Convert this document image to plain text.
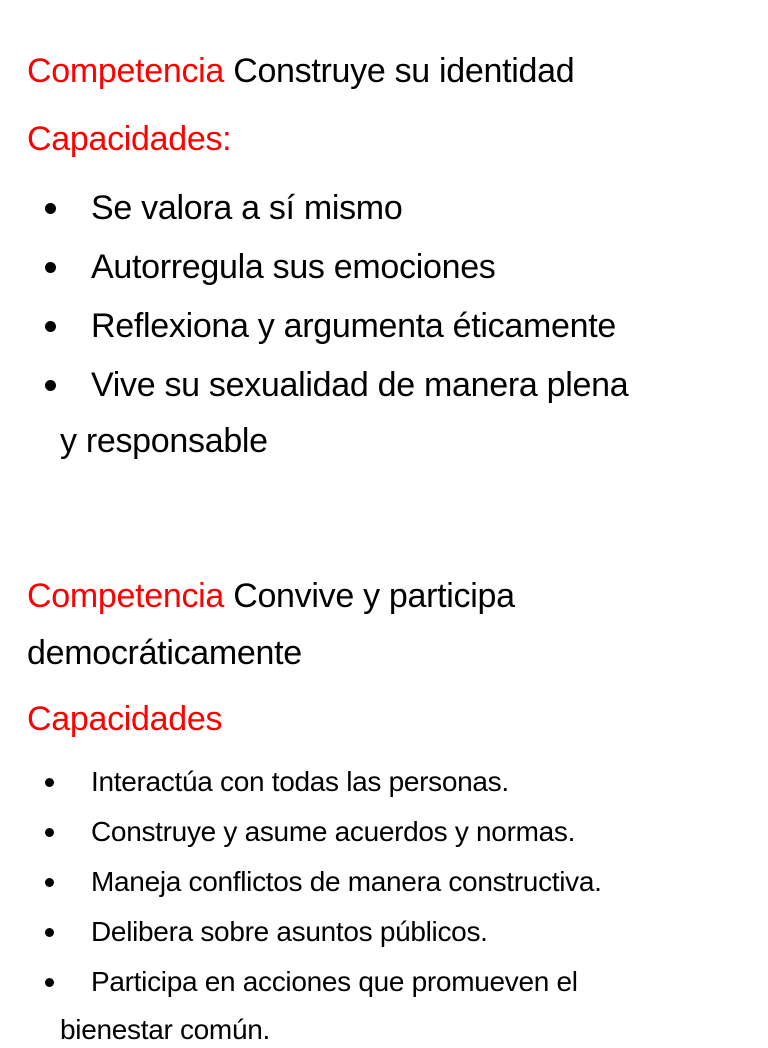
Competencia Construye su identidad
Capacidades:
Se valora a sí mismo
Autorregula sus emociones
Reflexiona y argumenta éticamente
Vive su sexualidad de manera plena
y responsable
Competencia Convive y participa
democráticamente
Capacidades
Interactúa con todas las personas.
Construye y asume acuerdos y normas.
Maneja conflictos de manera constructiva.
Delibera sobre asuntos públicos.
Participa en acciones que promueven el
bienestar común.
